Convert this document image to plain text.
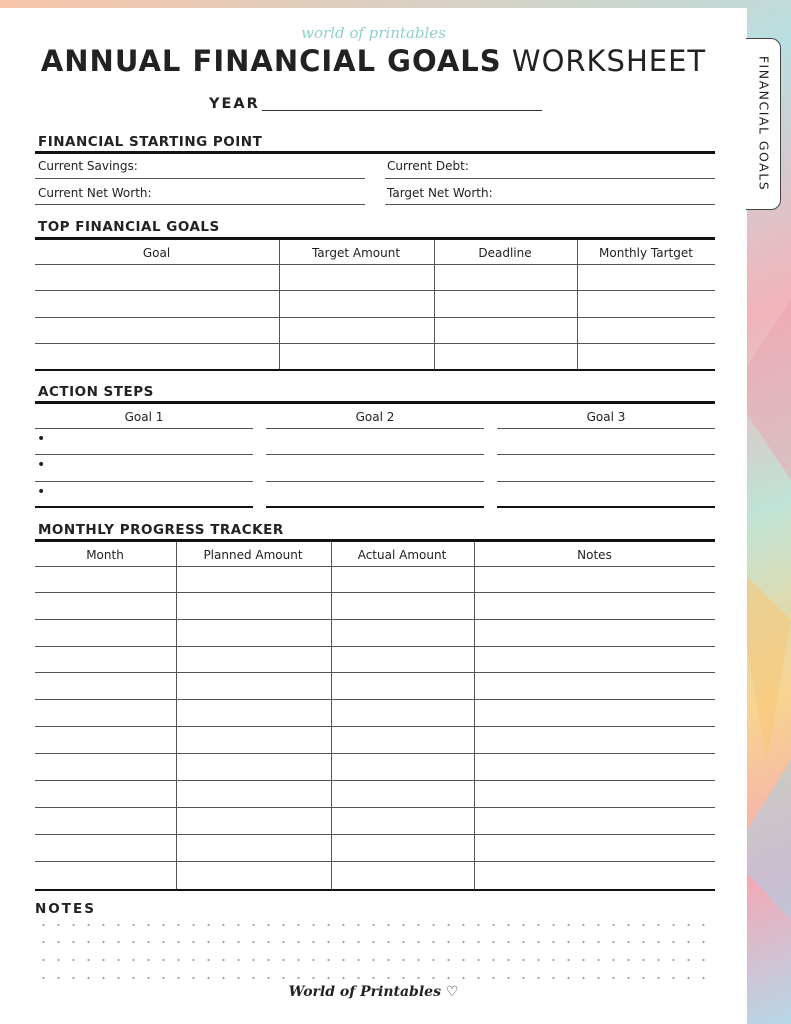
FINANCIAL GOALS
world of printables
ANNUAL FINANCIAL GOALS WORKSHEET
YEAR
FINANCIAL STARTING POINT
Current Savings:	Current Debt:
Current Net Worth:	Target Net Worth:
TOP FINANCIAL GOALS
Goal	Target Amount	Deadline	Monthly Tartget
ACTION STEPS
Goal 1	Goal 2	Goal 3
•
•
•
MONTHLY PROGRESS TRACKER
Month	Planned Amount	Actual Amount	Notes
NOTES
World of Printables ♡
